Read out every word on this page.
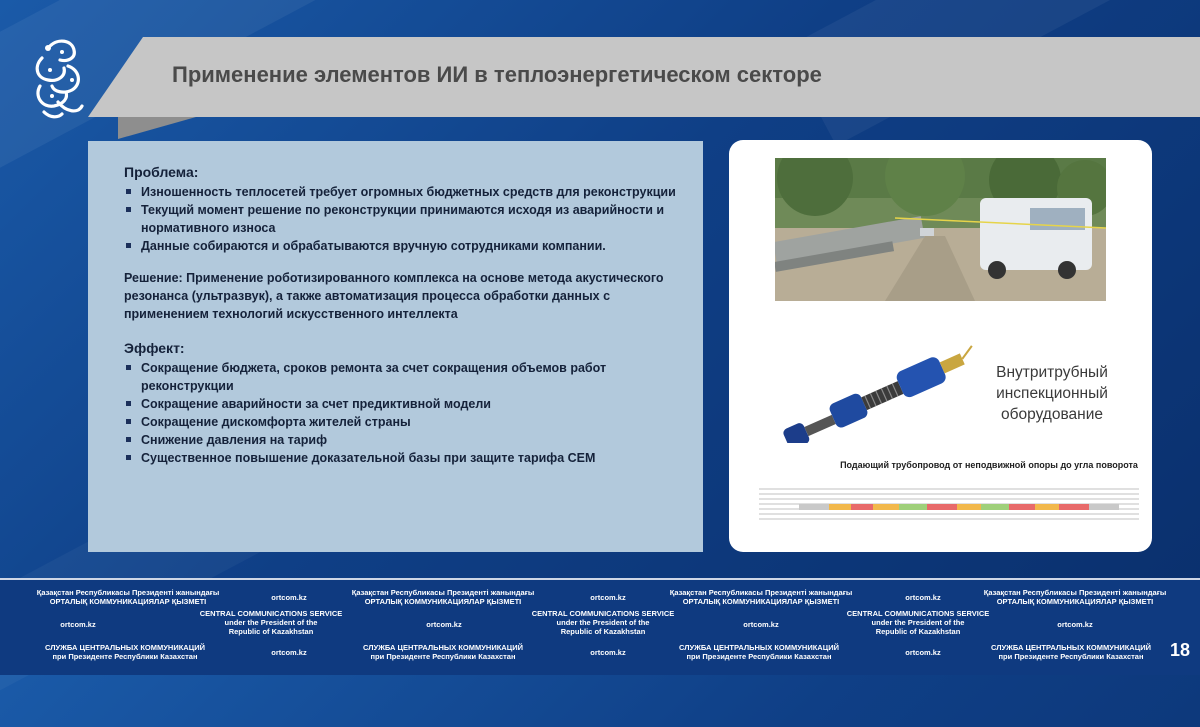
Применение элементов ИИ в теплоэнергетическом секторе

Проблема:

Изношенность теплосетей требует огромных бюджетных средств для реконструкции
Текущий момент решение по реконструкции принимаются исходя из аварийности и нормативного износа
Данные собираются и обрабатываются вручную сотрудниками компании.

Решение: Применение роботизированного комплекса на основе метода акустического резонанса (ультразвук), а также автоматизация процесса обработки данных с применением технологий искусственного интеллекта

Эффект:

Сокращение бюджета, сроков ремонта за счет сокращения объемов работ реконструкции
Сокращение аварийности за счет предиктивной модели
Сокращение дискомфорта жителей страны
Снижение давления на тариф
Существенное повышение доказательной базы при защите тарифа СЕМ
Внутритрубный инспекционный оборудование
Подающий трубопровод от неподвижной опоры до угла поворота
Қазақстан Республикасы Президенті жанындағы
ОРТАЛЫҚ КОММУНИКАЦИЯЛАР ҚЫЗМЕТІ	ortcom.kz
Қазақстан Республикасы Президенті жанындағы
ОРТАЛЫҚ КОММУНИКАЦИЯЛАР ҚЫЗМЕТІ	ortcom.kz
Қазақстан Республикасы Президенті жанындағы
ОРТАЛЫҚ КОММУНИКАЦИЯЛАР ҚЫЗМЕТІ	ortcom.kz
Қазақстан Республикасы Президенті жанындағы
ОРТАЛЫҚ КОММУНИКАЦИЯЛАР ҚЫЗМЕТІ
ortcom.kz
CENTRAL COMMUNICATIONS SERVICE
under the President of the
Republic of Kazakhstan
ortcom.kz
CENTRAL COMMUNICATIONS SERVICE
under the President of the
Republic of Kazakhstan
ortcom.kz
CENTRAL COMMUNICATIONS SERVICE
under the President of the
Republic of Kazakhstan
ortcom.kz
СЛУЖБА ЦЕНТРАЛЬНЫХ КОММУНИКАЦИЙ
при Президенте Республики Казахстан	ortcom.kz
СЛУЖБА ЦЕНТРАЛЬНЫХ КОММУНИКАЦИЙ
при Президенте Республики Казахстан	ortcom.kz
СЛУЖБА ЦЕНТРАЛЬНЫХ КОММУНИКАЦИЙ
при Президенте Республики Казахстан	ortcom.kz
СЛУЖБА ЦЕНТРАЛЬНЫХ КОММУНИКАЦИЙ
при Президенте Республики Казахстан	18
